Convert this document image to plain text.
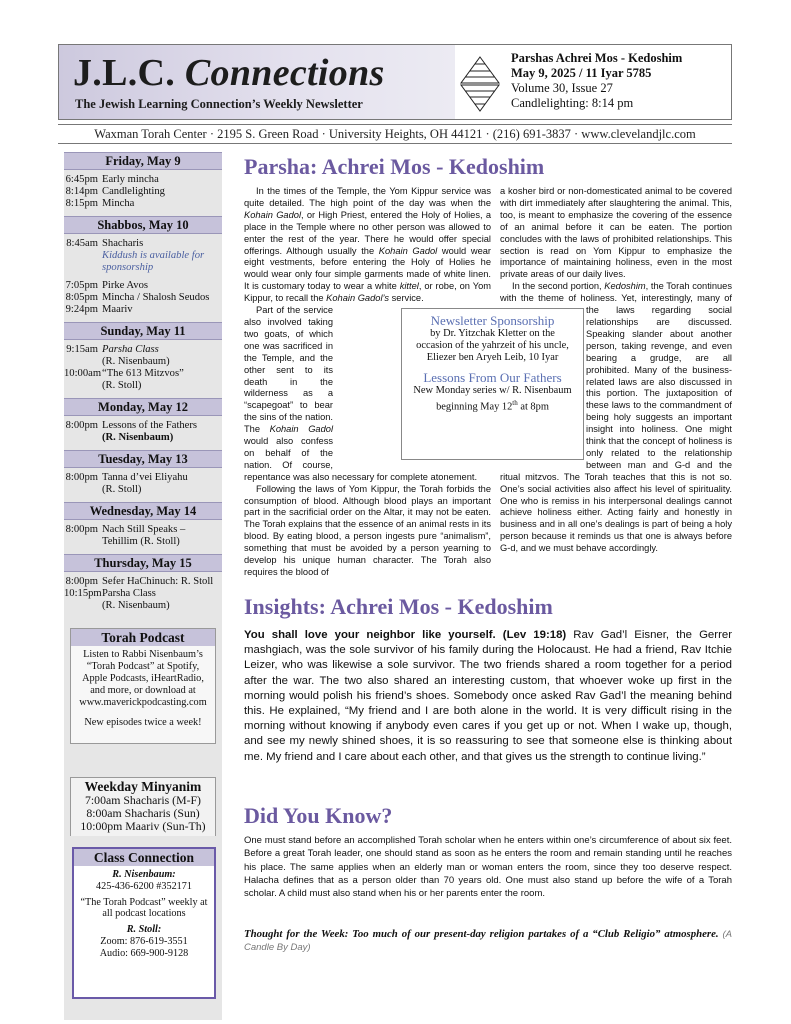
J.L.C. Connections
The Jewish Learning Connection’s Weekly Newsletter
Parshas Achrei Mos - Kedoshim
May 9, 2025 / 11 Iyar 5785
Volume 30, Issue 27
Candlelighting: 8:14 pm
Waxman Torah Center · 2195 S. Green Road · University Heights, OH 44121 · (216) 691-3837 · www.clevelandjlc.com
Friday, May 9
6:45pm Early mincha
8:14pm Candlelighting
8:15pm Mincha
Shabbos, May 10
8:45am Shacharis
Kiddush is available for sponsorship
7:05pm Pirke Avos
8:05pm Mincha / Shalosh Seudos
9:24pm Maariv
Sunday, May 11
9:15am Parsha Class
(R. Nisenbaum)
10:00am “The 613 Mitzvos”
(R. Stoll)
Monday, May 12
8:00pm Lessons of the Fathers
(R. Nisenbaum)
Tuesday, May 13
8:00pm Tanna d’vei Eliyahu
(R. Stoll)
Wednesday, May 14
8:00pm Nach Still Speaks –
Tehillim (R. Stoll)
Thursday, May 15
8:00pm Sefer HaChinuch: R. Stoll
10:15pm Parsha Class
(R. Nisenbaum)
Torah Podcast
Listen to Rabbi Nisenbaum’s “Torah Podcast” at Spotify, Apple Podcasts, iHeartRadio, and more, or download at www.maverickpodcasting.com
New episodes twice a week!
Weekday Minyanim
7:00am Shacharis (M-F)
8:00am Shacharis (Sun)
10:00pm Maariv (Sun-Th)
Class Connection
R. Nisenbaum:
425-436-6200 #352171
“The Torah Podcast” weekly at all podcast locations
R. Stoll:
Zoom: 876-619-3551
Audio: 669-900-9128
Parsha: Achrei Mos - Kedoshim

In the times of the Temple, the Yom Kippur service was quite detailed. The high point of the day was when the Kohain Gadol, or High Priest, entered the Holy of Holies, a place in the Temple where no other person was allowed to enter the rest of the year. There he would offer special offerings. Although usually the Kohain Gadol would wear eight vestments, before entering the Holy of Holies he would wear only four simple garments made of white linen. It is customary today to wear a white kittel, or robe, on Yom Kippur, to recall the Kohain Gadol’s service.

Part of the service also involved taking two goats, of which one was sacrificed in the Temple, and the other sent to its death in the wilderness as a “scapegoat” to bear the sins of the nation. The Kohain Gadol would also confess on behalf of the nation. Of course, repentance was also necessary for complete atonement.

Following the laws of Yom Kippur, the Torah forbids the consumption of blood. Although blood plays an important part in the sacrificial order on the Altar, it may not be eaten. The Torah explains that the essence of an animal rests in its blood. By eating blood, a person ingests pure “animalism”, something that must be avoided by a person yearning to develop his unique human character. The Torah also requires the blood of

a kosher bird or non-domesticated animal to be covered with dirt immediately after slaughtering the animal. This, too, is meant to emphasize the covering of the essence of an animal before it can be eaten. The portion concludes with the laws of prohibited relationships. This section is read on Yom Kippur to emphasize the importance of maintaining holiness, even in the most private areas of our daily lives.

In the second portion, Kedoshim, the Torah continues with the theme of holiness. Yet, interestingly, many of the laws regarding social relationships are discussed. Speaking slander about another person, taking revenge, and even bearing a grudge, are all prohibited. Many of the business-related laws are also discussed in this portion. The juxtaposition of these laws to the commandment of being holy suggests an important insight into holiness. One might think that the concept of holiness is only related to the relationship between man and G-d and the ritual mitzvos. The Torah teaches that this is not so. One’s social activities also affect his level of spirituality. One who is remiss in his interpersonal dealings cannot achieve holiness either. Acting fairly and honestly in business and in all one’s dealings is part of being a holy person because it reminds us that one is always before G-d, and we must behave accordingly.

Newsletter Sponsorship
by Dr. Yitzchak Kletter on the occasion of the yahrzeit of his uncle, Eliezer ben Aryeh Leib, 10 Iyar
Lessons From Our Fathers
New Monday series w/ R. Nisenbaum
beginning May 12th at 8pm
Insights: Achrei Mos - Kedoshim
You shall love your neighbor like yourself. (Lev 19:18) Rav Gad’l Eisner, the Gerrer mashgiach, was the sole survivor of his family during the Holocaust. He had a friend, Rav Itchie Leizer, who was likewise a sole survivor. The two friends shared a room together for a period after the war. The two also shared an interesting custom, that whoever woke up first in the morning would polish his friend’s shoes. Somebody once asked Rav Gad’l the meaning behind this. He explained, “My friend and I are both alone in the world. It is very difficult rising in the morning without knowing if anybody even cares if you get up or not. When I wake up, though, and see my newly shined shoes, it is so reassuring to see that someone else is thinking about me. My friend and I care about each other, and that gives us the strength to continue living.”
Did You Know?
One must stand before an accomplished Torah scholar when he enters within one’s circumference of about six feet. Before a great Torah leader, one should stand as soon as he enters the room and remain standing until he reaches his place. The same applies when an elderly man or woman enters the room, since they too deserve respect. Halacha defines that as a person older than 70 years old. One must also stand up before the wife of a Torah scholar. A child must also stand when his or her parents enter the room.
Thought for the Week: Too much of our present-day religion partakes of a “Club Religio” atmosphere. (A Candle By Day)
